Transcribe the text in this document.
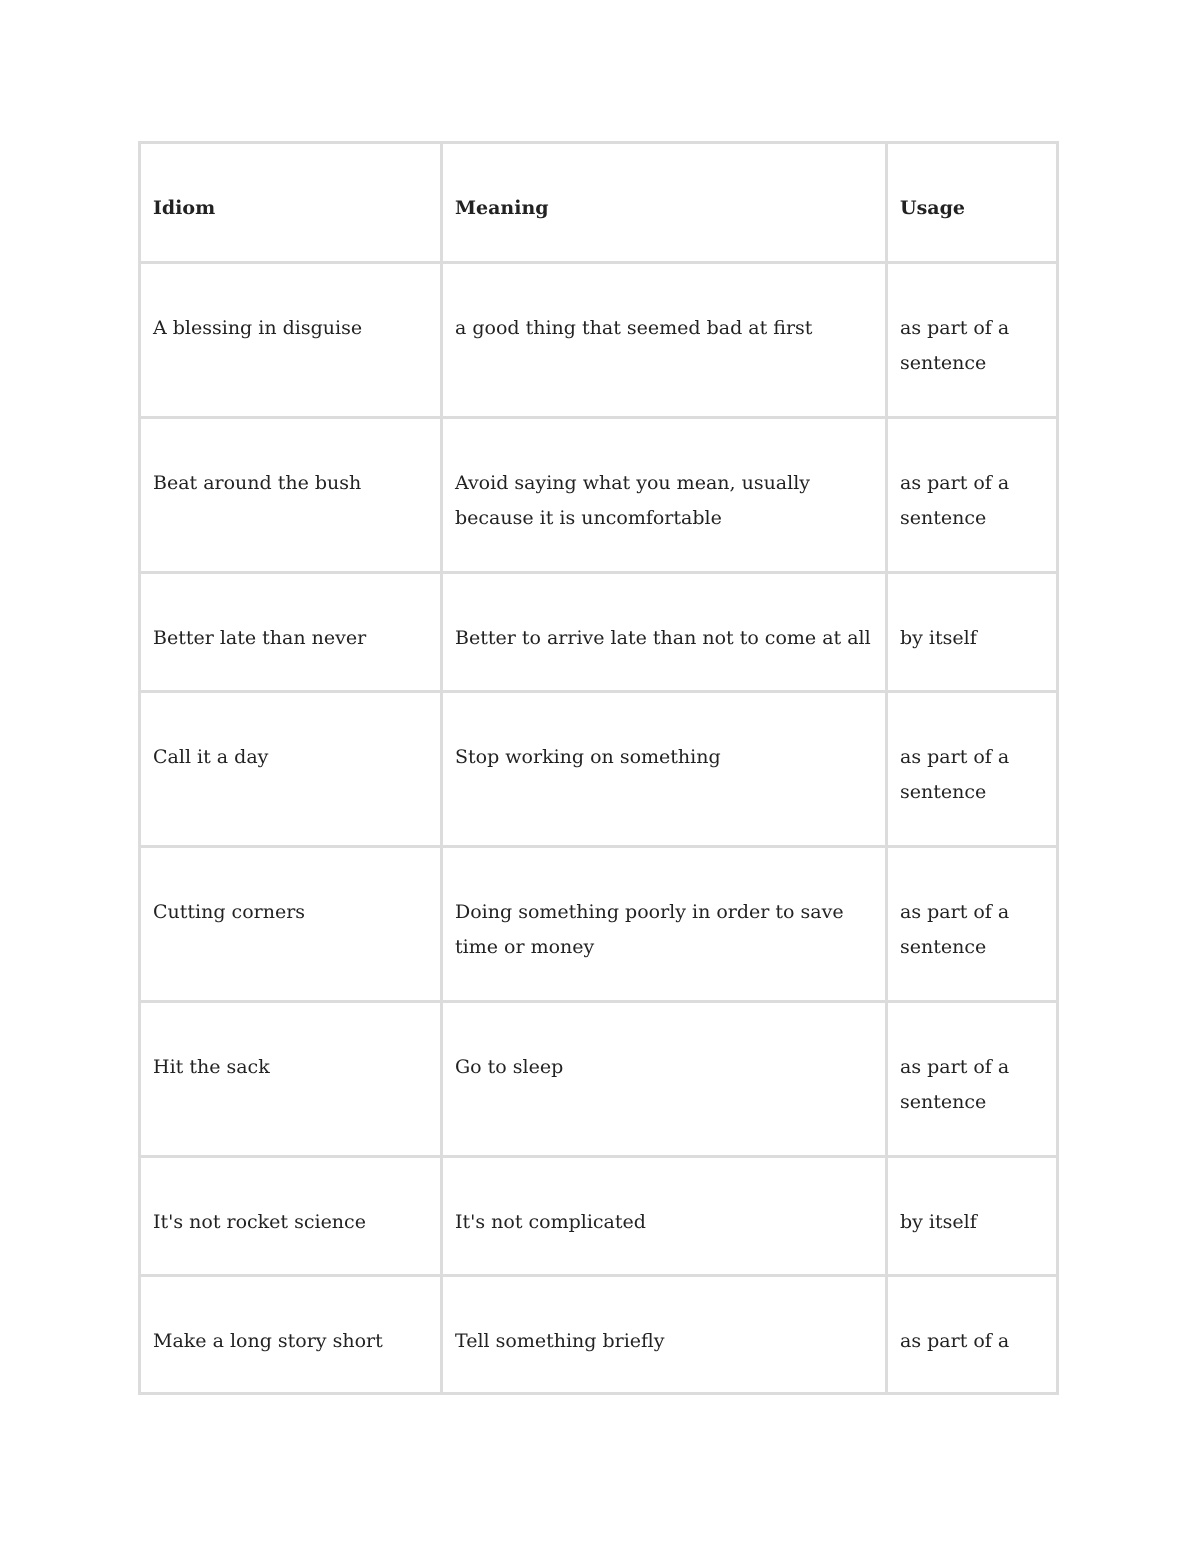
Idiom	Meaning	Usage
A blessing in disguise	a good thing that seemed bad at first	as part of a sentence
Beat around the bush	Avoid saying what you mean, usually because it is uncomfortable	as part of a sentence
Better late than never	Better to arrive late than not to come at all	by itself
Call it a day	Stop working on something	as part of a sentence
Cutting corners	Doing something poorly in order to save time or money	as part of a sentence
Hit the sack	Go to sleep	as part of a sentence
It's not rocket science	It's not complicated	by itself
Make a long story short	Tell something briefly	as part of a
